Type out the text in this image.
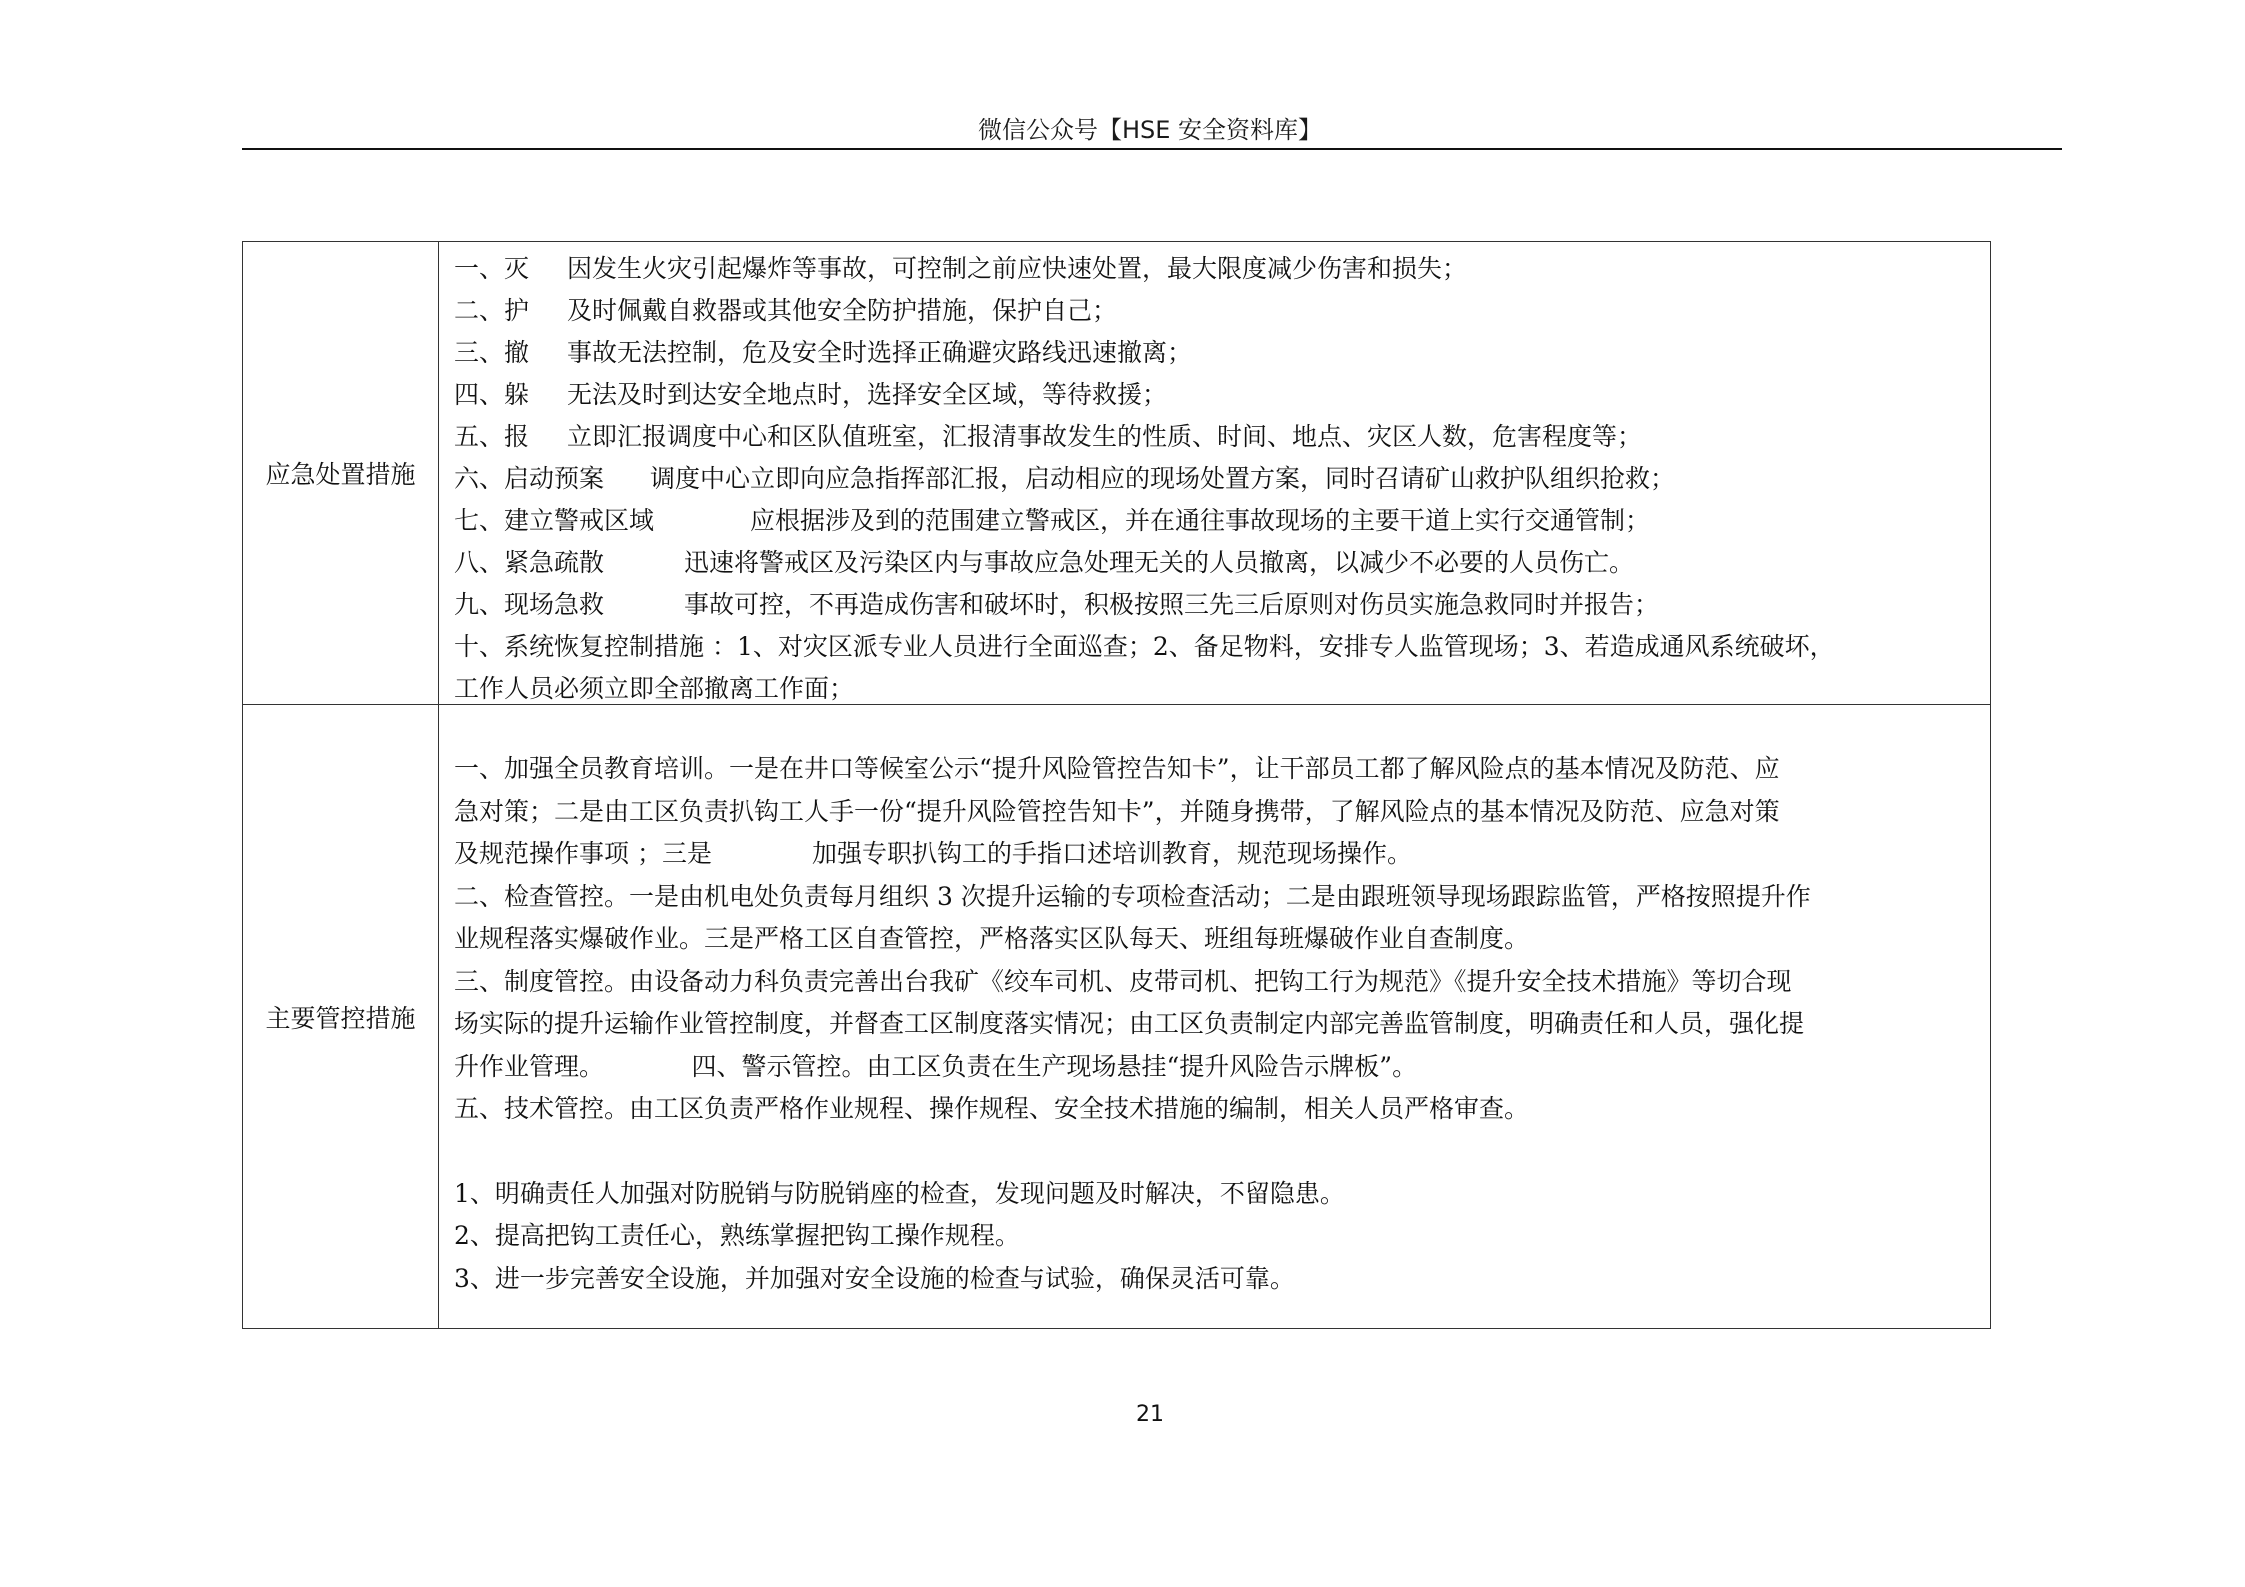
微信公众号【HSE 安全资料库】
应急处置措施
一、灭 因发生火灾引起爆炸等事故，可控制之前应快速处置，最大限度减少伤害和损失；
二、护 及时佩戴自救器或其他安全防护措施，保护自己；
三、撤 事故无法控制，危及安全时选择正确避灾路线迅速撤离；
四、躲 无法及时到达安全地点时，选择安全区域，等待救援；
五、报 立即汇报调度中心和区队值班室，汇报清事故发生的性质、时间、地点、灾区人数，危害程度等；
六、启动预案 调度中心立即向应急指挥部汇报，启动相应的现场处置方案，同时召请矿山救护队组织抢救；
七、建立警戒区域	应根据涉及到的范围建立警戒区，并在通往事故现场的主要干道上实行交通管制；
八、紧急疏散	迅速将警戒区及污染区内与事故应急处理无关的人员撤离，以减少不必要的人员伤亡。
九、现场急救	事故可控，不再造成伤害和破坏时，积极按照三先三后原则对伤员实施急救同时并报告；
十、系统恢复控制措施 ：1、对灾区派专业人员进行全面巡查；2、备足物料，安排专人监管现场；3、若造成通风系统破坏，
工作人员必须立即全部撤离工作面；
主要管控措施
一、加强全员教育培训。一是在井口等候室公示“提升风险管控告知卡”，让干部员工都了解风险点的基本情况及防范、应
急对策；二是由工区负责扒钩工人手一份“提升风险管控告知卡”，并随身携带，了解风险点的基本情况及防范、应急对策
及规范操作事项 ；三是　　　　加强专职扒钩工的手指口述培训教育，规范现场操作。
二、检查管控。一是由机电处负责每月组织 3 次提升运输的专项检查活动；二是由跟班领导现场跟踪监管，严格按照提升作
业规程落实爆破作业。三是严格工区自查管控，严格落实区队每天、班组每班爆破作业自查制度。
三、制度管控。由设备动力科负责完善出台我矿《绞车司机、皮带司机、把钩工行为规范》《提升安全技术措施》等切合现
场实际的提升运输作业管控制度，并督查工区制度落实情况；由工区负责制定内部完善监管制度，明确责任和人员，强化提
升作业管理。　　　　四、警示管控。由工区负责在生产现场悬挂“提升风险告示牌板”。
五、技术管控。由工区负责严格作业规程、操作规程、安全技术措施的编制，相关人员严格审查。
1、明确责任人加强对防脱销与防脱销座的检查，发现问题及时解决，不留隐患。
2、提高把钩工责任心，熟练掌握把钩工操作规程。
3、进一步完善安全设施，并加强对安全设施的检查与试验，确保灵活可靠。
21
